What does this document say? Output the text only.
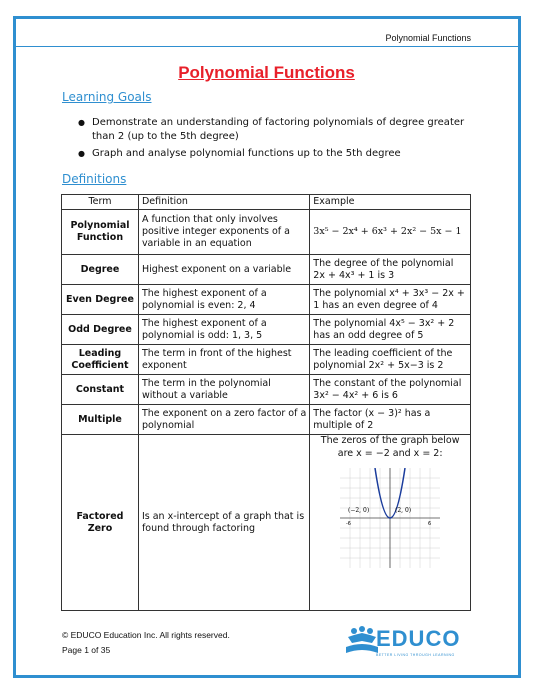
Polynomial Functions
Polynomial Functions
Learning Goals
● Demonstrate an understanding of factoring polynomials of degree greater than 2 (up to the 5th degree)
● Graph and analyse polynomial functions up to the 5th degree
Definitions
Term	Definition	Example
Polynomial Function	A function that only involves positive integer exponents of a variable in an equation	3x⁵ − 2x⁴ + 6x³ + 2x² − 5x − 1
Degree	Highest exponent on a variable	The degree of the polynomial 2x + 4x³ + 1 is 3
Even Degree	The highest exponent of a polynomial is even: 2, 4	The polynomial x⁴ + 3x³ − 2x + 1 has an even degree of 4
Odd Degree	The highest exponent of a polynomial is odd: 1, 3, 5	The polynomial 4x⁵ − 3x² + 2 has an odd degree of 5
Leading Coefficient	The term in front of the highest exponent	The leading coefficient of the polynomial 2x² + 5x−3 is 2
Constant	The term in the polynomial without a variable	The constant of the polynomial 3x² − 4x² + 6 is 6
Multiple	The exponent on a zero factor of a polynomial	The factor (x − 3)² has a multiple of 2
Factored Zero	Is an x-intercept of a graph that is found through factoring	The zeros of the graph below are x = −2 and x = 2:
(−2, 0) (2, 0)
-6 6
© EDUCO Education Inc. All rights reserved.
Page 1 of 35	EDUCO
BETTER LIVING THROUGH LEARNING
